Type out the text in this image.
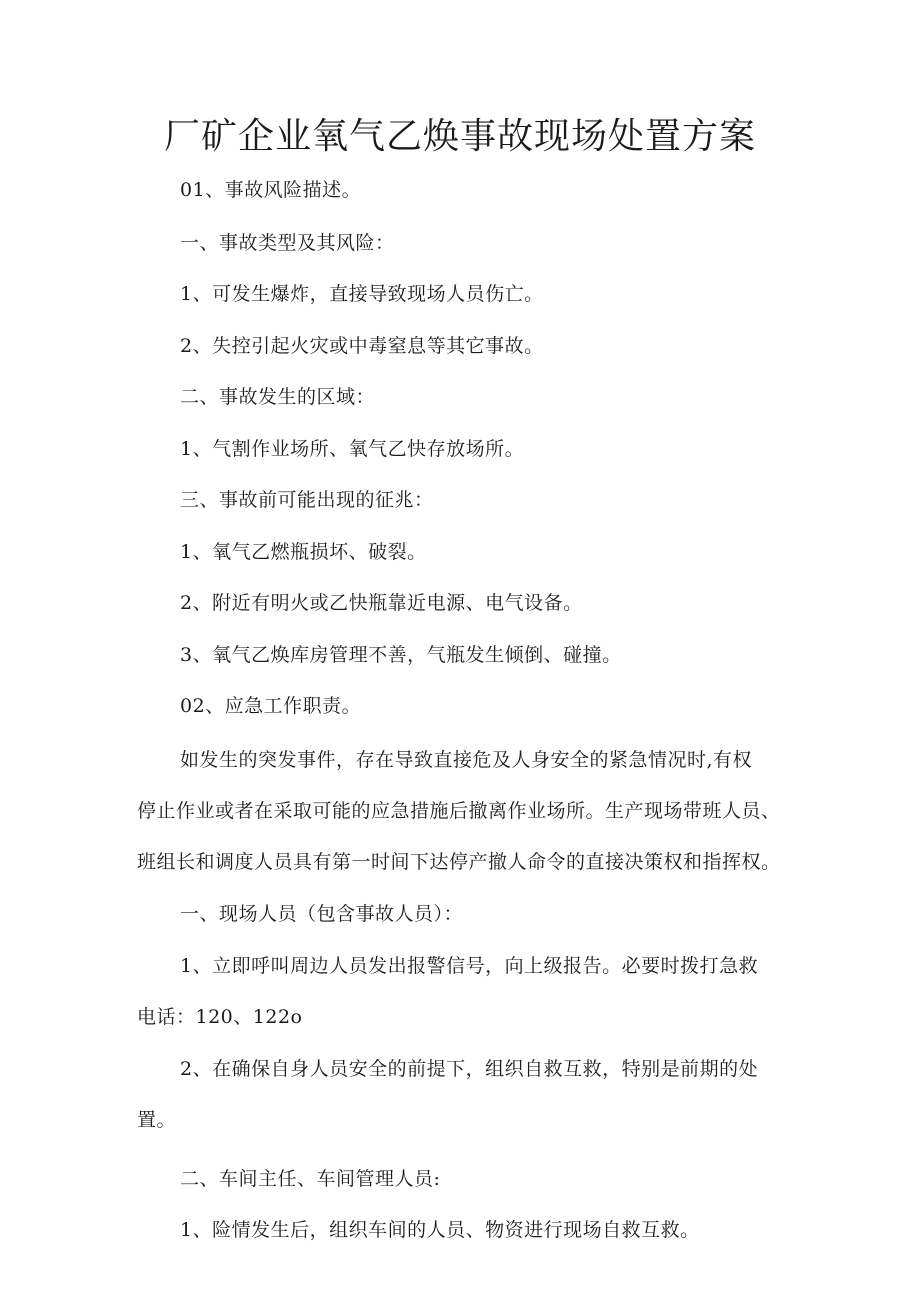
厂矿企业氧气乙焕事故现场处置方案
01、事故风险描述。
一、事故类型及其风险：
1、可发生爆炸，直接导致现场人员伤亡。
2、失控引起火灾或中毒窒息等其它事故。
二、事故发生的区域：
1、气割作业场所、氧气乙快存放场所。
三、事故前可能出现的征兆：
1、氧气乙燃瓶损坏、破裂。
2、附近有明火或乙快瓶靠近电源、电气设备。
3、氧气乙焕库房管理不善，气瓶发生倾倒、碰撞。
02、应急工作职责。
如发生的突发事件，存在导致直接危及人身安全的紧急情况时,有权
停止作业或者在采取可能的应急措施后撤离作业场所。生产现场带班人员、
班组长和调度人员具有第一时间下达停产撤人命令的直接决策权和指挥权。
一、现场人员（包含事故人员）：
1、立即呼叫周边人员发出报警信号，向上级报告。必要时拨打急救
电话：120、122o
2、在确保自身人员安全的前提下，组织自救互救，特别是前期的处
置。
二、车间主任、车间管理人员:
1、险情发生后，组织车间的人员、物资进行现场自救互救。
